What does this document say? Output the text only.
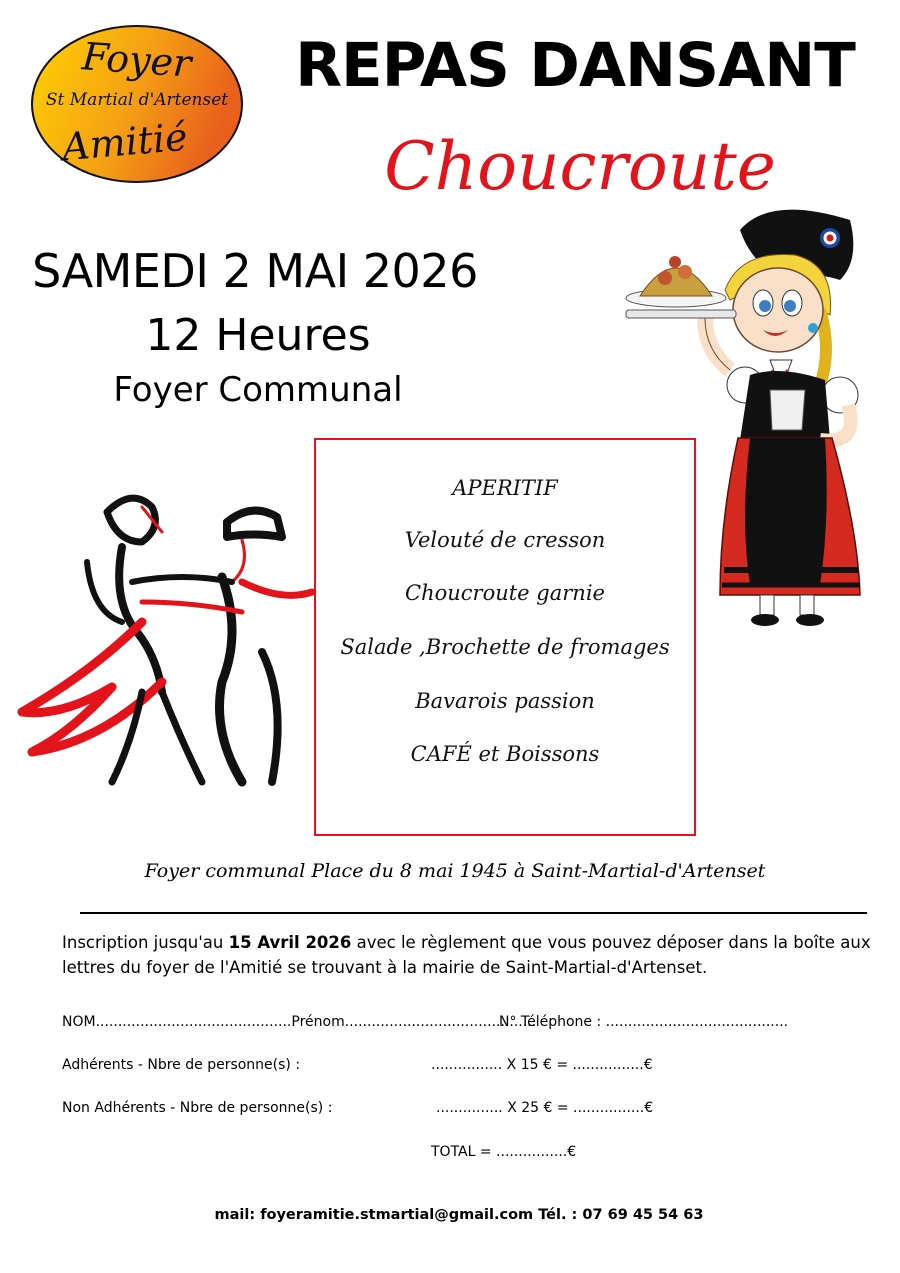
Foyer
St Martial d'Artenset
Amitié
REPAS DANSANT
Choucroute
SAMEDI 2 MAI 2026
12 Heures
Foyer Communal
APERITIF
Velouté de cresson
Choucroute garnie
Salade ,Brochette de fromages
Bavarois passion
CAFÉ et Boissons
Foyer communal Place du 8 mai 1945 à Saint-Martial-d'Artenset
Inscription jusqu'au 15 Avril 2026 avec le règlement que vous pouvez déposer dans la boîte aux lettres du foyer de l'Amitié se trouvant à la mairie de Saint-Martial-d'Artenset.
NOM............................................Prénom...........................................
N° Téléphone : .........................................
Adhérents - Nbre de personne(s) :	................ X 15 € = ................€
Non Adhérents - Nbre de personne(s) :	............... X 25 € = ................€
TOTAL = ................€
mail: foyeramitie.stmartial@gmail.com Tél. : 07 69 45 54 63
